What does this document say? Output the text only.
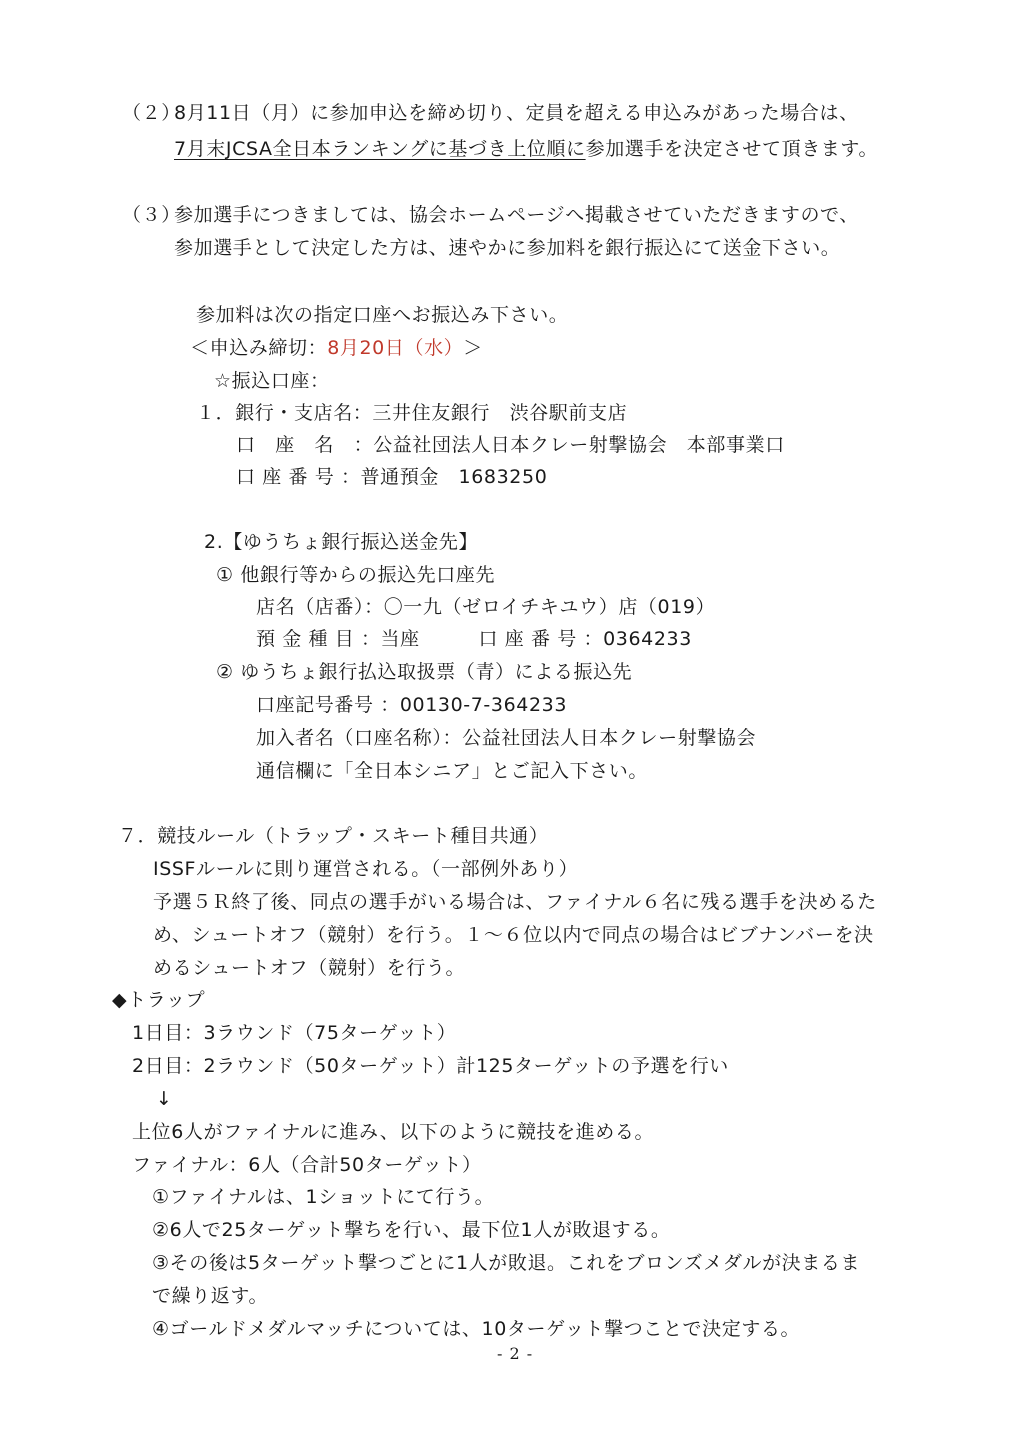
（２）
8月11日（月）に参加申込を締め切り、定員を超える申込みがあった場合は、
7月末JCSA全日本ランキングに基づき上位順に参加選手を決定させて頂きます。
（３）
参加選手につきましては、協会ホームページへ掲載させていただきますので、
参加選手として決定した方は、速やかに参加料を銀行振込にて送金下さい。
参加料は次の指定口座へお振込み下さい。
＜申込み締切：8月20日（水）＞
☆振込口座：
１．銀行・支店名：三井住友銀行　渋谷駅前支店
口　座　名　：公益社団法人日本クレー射撃協会　本部事業口
口 座 番 号 ：普通預金　1683250
2.【ゆうちょ銀行振込送金先】
① 他銀行等からの振込先口座先
店名（店番）：〇一九（ゼロイチキユウ）店（019）
預 金 種 目 ：当座　　　口 座 番 号 ：0364233
② ゆうちょ銀行払込取扱票（青）による振込先
口座記号番号 ：00130-7-364233
加入者名（口座名称）：公益社団法人日本クレー射撃協会
通信欄に「全日本シニア」とご記入下さい。
７．競技ルール（トラップ・スキート種目共通）
ISSFルールに則り運営される。（一部例外あり）
予選５Ｒ終了後、同点の選手がいる場合は、ファイナル６名に残る選手を決めるた
め、シュートオフ（競射）を行う。１～６位以内で同点の場合はビブナンバーを決
めるシュートオフ（競射）を行う。
◆トラップ
1日目：3ラウンド（75ターゲット）
2日目：2ラウンド（50ターゲット）計125ターゲットの予選を行い
↓
上位6人がファイナルに進み、以下のように競技を進める。
ファイナル：6人（合計50ターゲット）
①ファイナルは、1ショットにて行う。
②6人で25ターゲット撃ちを行い、最下位1人が敗退する。
③その後は5ターゲット撃つごとに1人が敗退。これをブロンズメダルが決まるま
で繰り返す。
④ゴールドメダルマッチについては、10ターゲット撃つことで決定する。
- 2 -
